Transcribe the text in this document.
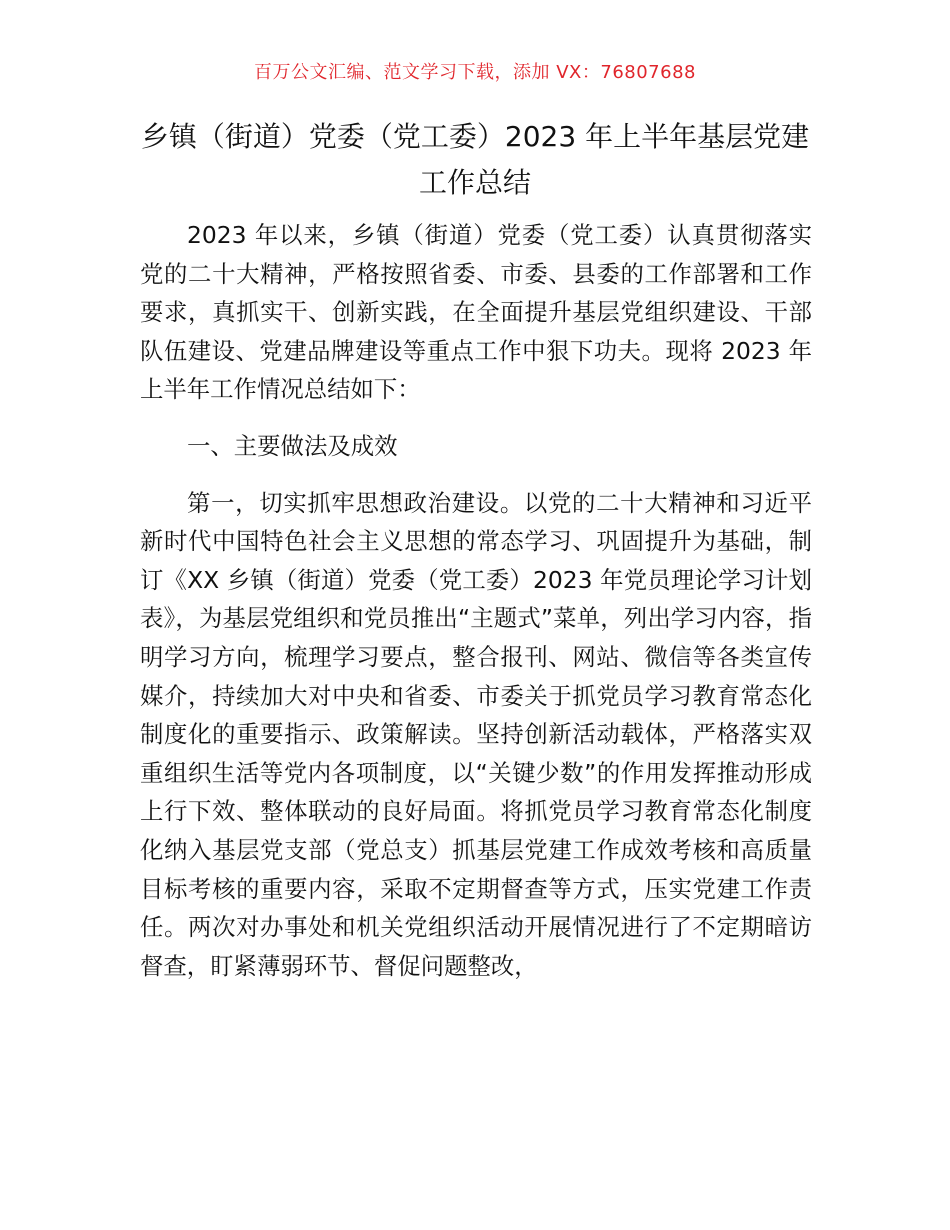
百万公文汇编、范文学习下载，添加 VX：76807688
乡镇（街道）党委（党工委）2023 年上半年基层党建工作总结

2023 年以来，乡镇（街道）党委（党工委）认真贯彻落实党的二十大精神，严格按照省委、市委、县委的工作部署和工作要求，真抓实干、创新实践，在全面提升基层党组织建设、干部队伍建设、党建品牌建设等重点工作中狠下功夫。现将 2023 年上半年工作情况总结如下：

一、主要做法及成效

第一，切实抓牢思想政治建设。以党的二十大精神和习近平新时代中国特色社会主义思想的常态学习、巩固提升为基础，制订《XX 乡镇（街道）党委（党工委）2023 年党员理论学习计划表》，为基层党组织和党员推出“主题式”菜单，列出学习内容，指明学习方向，梳理学习要点，整合报刊、网站、微信等各类宣传媒介，持续加大对中央和省委、市委关于抓党员学习教育常态化制度化的重要指示、政策解读。坚持创新活动载体，严格落实双重组织生活等党内各项制度，以“关键少数”的作用发挥推动形成上行下效、整体联动的良好局面。将抓党员学习教育常态化制度化纳入基层党支部（党总支）抓基层党建工作成效考核和高质量目标考核的重要内容，采取不定期督查等方式，压实党建工作责任。两次对办事处和机关党组织活动开展情况进行了不定期暗访督查，盯紧薄弱环节、督促问题整改，
